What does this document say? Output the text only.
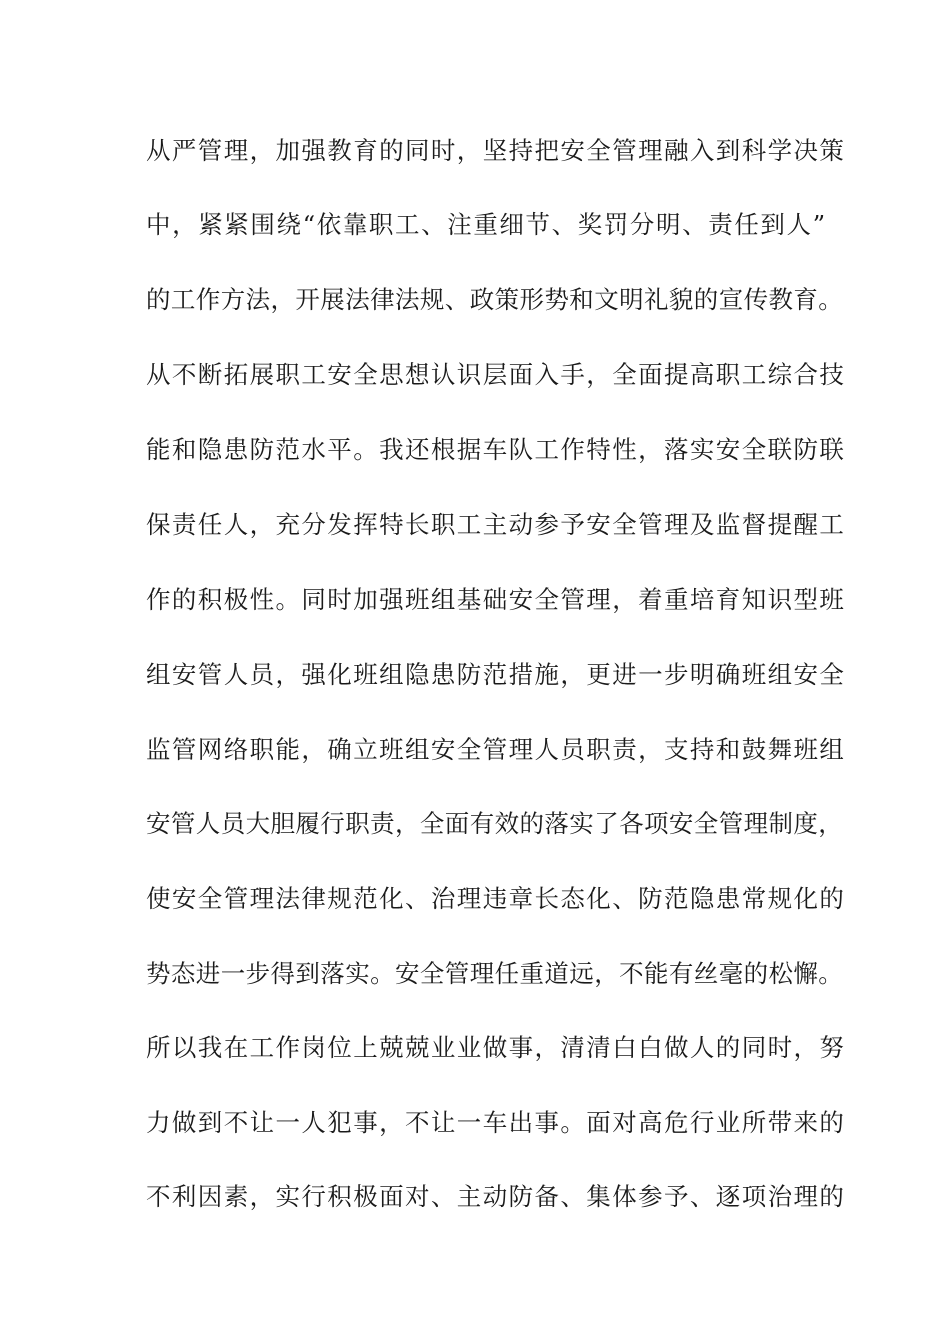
从严管理，加强教育的同时，坚持把安全管理融入到科学决策
中，紧紧围绕“依靠职工、注重细节、奖罚分明、责任到人”
的工作方法，开展法律法规、政策形势和文明礼貌的宣传教育。
从不断拓展职工安全思想认识层面入手，全面提高职工综合技
能和隐患防范水平。我还根据车队工作特性，落实安全联防联
保责任人，充分发挥特长职工主动参予安全管理及监督提醒工
作的积极性。同时加强班组基础安全管理，着重培育知识型班
组安管人员，强化班组隐患防范措施，更进一步明确班组安全
监管网络职能，确立班组安全管理人员职责，支持和鼓舞班组
安管人员大胆履行职责，全面有效的落实了各项安全管理制度，
使安全管理法律规范化、治理违章长态化、防范隐患常规化的
势态进一步得到落实。安全管理任重道远，不能有丝毫的松懈。
所以我在工作岗位上兢兢业业做事，清清白白做人的同时，努
力做到不让一人犯事，不让一车出事。面对高危行业所带来的
不利因素，实行积极面对、主动防备、集体参予、逐项治理的
